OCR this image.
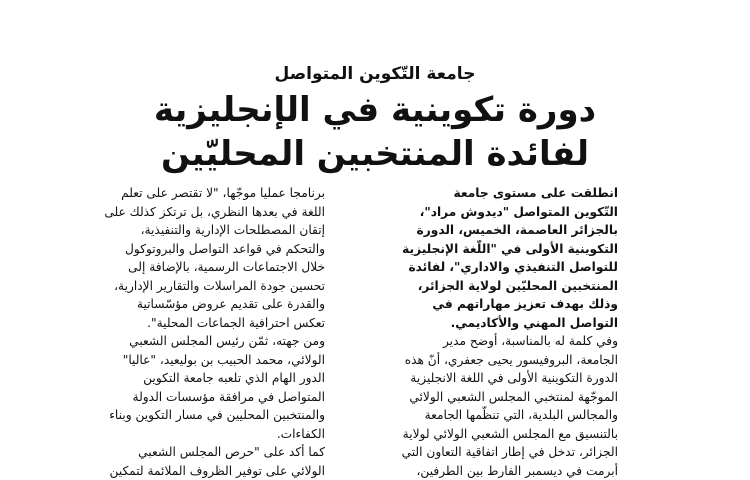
جامعة التّكوين المتواصل
دورة تكوينية في الإنجليزية
لفائدة المنتخبين المحليّين

انطلقت على مستوى جامعة

التّكوين المتواصل "ديدوش مراد"،

بالجزائر العاصمة، الخميس، الدورة

التكوينية الأولى في "اللّغة الإنجليزية

للتواصل التنفيذي والاداري"، لفائدة

المنتخبين المحليّين لولاية الجزائر،

وذلك بهدف تعزيز مهاراتهم في

التواصل المهني والأكاديمي.

وفي كلمة له بالمناسبة، أوضح مدير

الجامعة، البروفيسور يحيى جعفري، أنّ هذه

الدورة التكوينية الأولى في اللغة الانجليزية

الموجّهة لمنتخبي المجلس الشعبي الولائي

والمجالس البلدية، التي تنظّمها الجامعة

بالتنسيق مع المجلس الشعبي الولائي لولاية

الجزائر، تدخل في إطار اتفاقية التعاون التي

أبرمت في ديسمبر الفارط بين الطرفين،

برنامجا عمليا موجّها، "لا تقتصر على تعلم

اللغة في بعدها النظري، بل ترتكز كذلك على

إتقان المصطلحات الإدارية والتنفيذية،

والتحكم في قواعد التواصل والبروتوكول

خلال الاجتماعات الرسمية، بالإضافة إلى

تحسين جودة المراسلات والتقارير الإدارية،

والقدرة على تقديم عروض مؤسّساتية

تعكس احترافية الجماعات المحلية".

ومن جهته، ثمّن رئيس المجلس الشعبي

الولائي، محمد الحبيب بن بوليعيد، "عاليا"

الدور الهام الذي تلعبه جامعة التكوين

المتواصل في مرافقة مؤسسات الدولة

والمنتخبين المحليين في مسار التكوين وبناء

الكفاءات.

كما أكد على "حرص المجلس الشعبي

الولائي على توفير الظروف الملائمة لتمكين
